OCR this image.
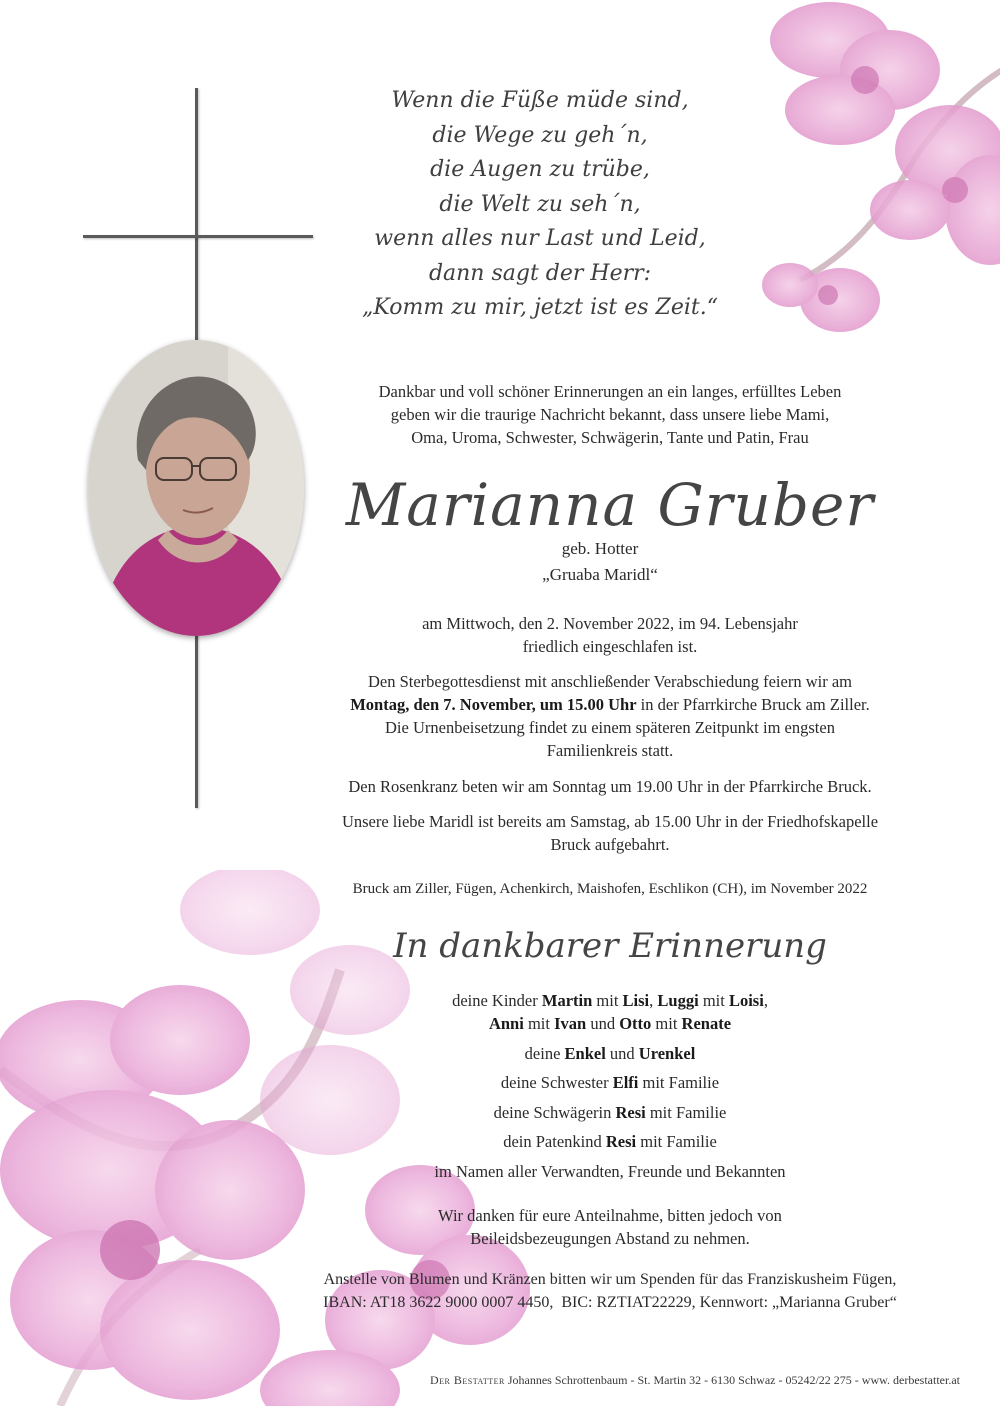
Wenn die Füße müde sind,
die Wege zu geh´n,
die Augen zu trübe,
die Welt zu seh´n,
wenn alles nur Last und Leid,
dann sagt der Herr:
„Komm zu mir, jetzt ist es Zeit.“
Dankbar und voll schöner Erinnerungen an ein langes, erfülltes Leben
geben wir die traurige Nachricht bekannt, dass unsere liebe Mami,
Oma, Uroma, Schwester, Schwägerin, Tante und Patin, Frau
Marianna Gruber
geb. Hotter
„Gruaba Maridl“
am Mittwoch, den 2. November 2022, im 94. Lebensjahr
friedlich eingeschlafen ist.
Den Sterbegottesdienst mit anschließender Verabschiedung feiern wir am
Montag, den 7. November, um 15.00 Uhr in der Pfarrkirche Bruck am Ziller.
Die Urnenbeisetzung findet zu einem späteren Zeitpunkt im engsten
Familienkreis statt.
Den Rosenkranz beten wir am Sonntag um 19.00 Uhr in der Pfarrkirche Bruck.
Unsere liebe Maridl ist bereits am Samstag, ab 15.00 Uhr in der Friedhofskapelle
Bruck aufgebahrt.
Bruck am Ziller, Fügen, Achenkirch, Maishofen, Eschlikon (CH), im November 2022
In dankbarer Erinnerung
deine Kinder Martin mit Lisi, Luggi mit Loisi,
Anni mit Ivan und Otto mit Renate
deine Enkel und Urenkel
deine Schwester Elfi mit Familie
deine Schwägerin Resi mit Familie
dein Patenkind Resi mit Familie
im Namen aller Verwandten, Freunde und Bekannten
Wir danken für eure Anteilnahme, bitten jedoch von
Beileidsbezeugungen Abstand zu nehmen.
Anstelle von Blumen und Kränzen bitten wir um Spenden für das Franziskusheim Fügen,
IBAN: AT18 3622 9000 0007 4450,  BIC: RZTIAT22229, Kennwort: „Marianna Gruber“
Der Bestatter Johannes Schrottenbaum - St. Martin 32 - 6130 Schwaz - 05242/22 275 - www. derbestatter.at
